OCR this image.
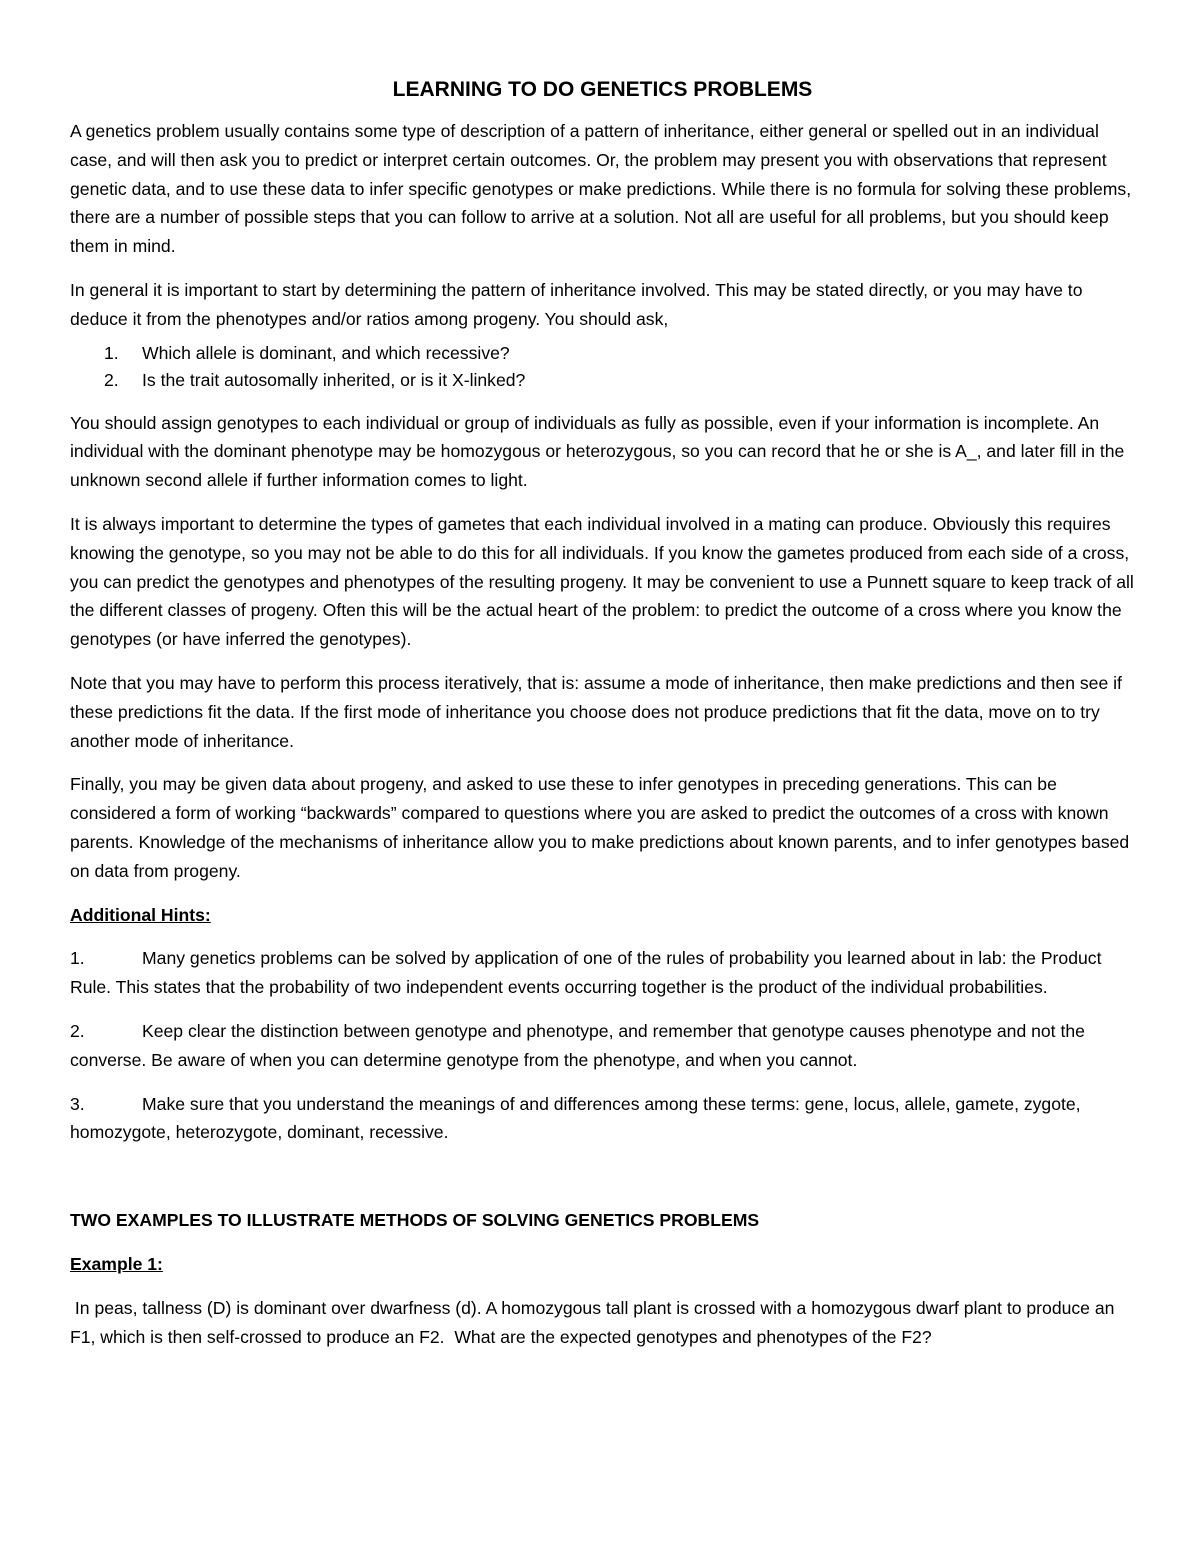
LEARNING TO DO GENETICS PROBLEMS

A genetics problem usually contains some type of description of a pattern of inheritance, either general or spelled out in an individual case, and will then ask you to predict or interpret certain outcomes. Or, the problem may present you with observations that represent genetic data, and to use these data to infer specific genotypes or make predictions. While there is no formula for solving these problems, there are a number of possible steps that you can follow to arrive at a solution. Not all are useful for all problems, but you should keep them in mind.

In general it is important to start by determining the pattern of inheritance involved. This may be stated directly, or you may have to deduce it from the phenotypes and/or ratios among progeny. You should ask,

1. Which allele is dominant, and which recessive?
2. Is the trait autosomally inherited, or is it X-linked?

You should assign genotypes to each individual or group of individuals as fully as possible, even if your information is incomplete. An individual with the dominant phenotype may be homozygous or heterozygous, so you can record that he or she is A_, and later fill in the unknown second allele if further information comes to light.

It is always important to determine the types of gametes that each individual involved in a mating can produce. Obviously this requires knowing the genotype, so you may not be able to do this for all individuals. If you know the gametes produced from each side of a cross, you can predict the genotypes and phenotypes of the resulting progeny. It may be convenient to use a Punnett square to keep track of all the different classes of progeny. Often this will be the actual heart of the problem: to predict the outcome of a cross where you know the genotypes (or have inferred the genotypes).

Note that you may have to perform this process iteratively, that is: assume a mode of inheritance, then make predictions and then see if these predictions fit the data. If the first mode of inheritance you choose does not produce predictions that fit the data, move on to try another mode of inheritance.

Finally, you may be given data about progeny, and asked to use these to infer genotypes in preceding generations. This can be considered a form of working “backwards” compared to questions where you are asked to predict the outcomes of a cross with known parents. Knowledge of the mechanisms of inheritance allow you to make predictions about known parents, and to infer genotypes based on data from progeny.

Additional Hints:
1.	Many genetics problems can be solved by application of one of the rules of probability you learned about in lab: the Product Rule. This states that the probability of two independent events occurring together is the product of the individual probabilities.
2.	Keep clear the distinction between genotype and phenotype, and remember that genotype causes phenotype and not the converse. Be aware of when you can determine genotype from the phenotype, and when you cannot.
3.	Make sure that you understand the meanings of and differences among these terms: gene, locus, allele, gamete, zygote, homozygote, heterozygote, dominant, recessive.
TWO EXAMPLES TO ILLUSTRATE METHODS OF SOLVING GENETICS PROBLEMS
Example 1:

In peas, tallness (D) is dominant over dwarfness (d). A homozygous tall plant is crossed with a homozygous dwarf plant to produce an F1, which is then self-crossed to produce an F2.  What are the expected genotypes and phenotypes of the F2?
